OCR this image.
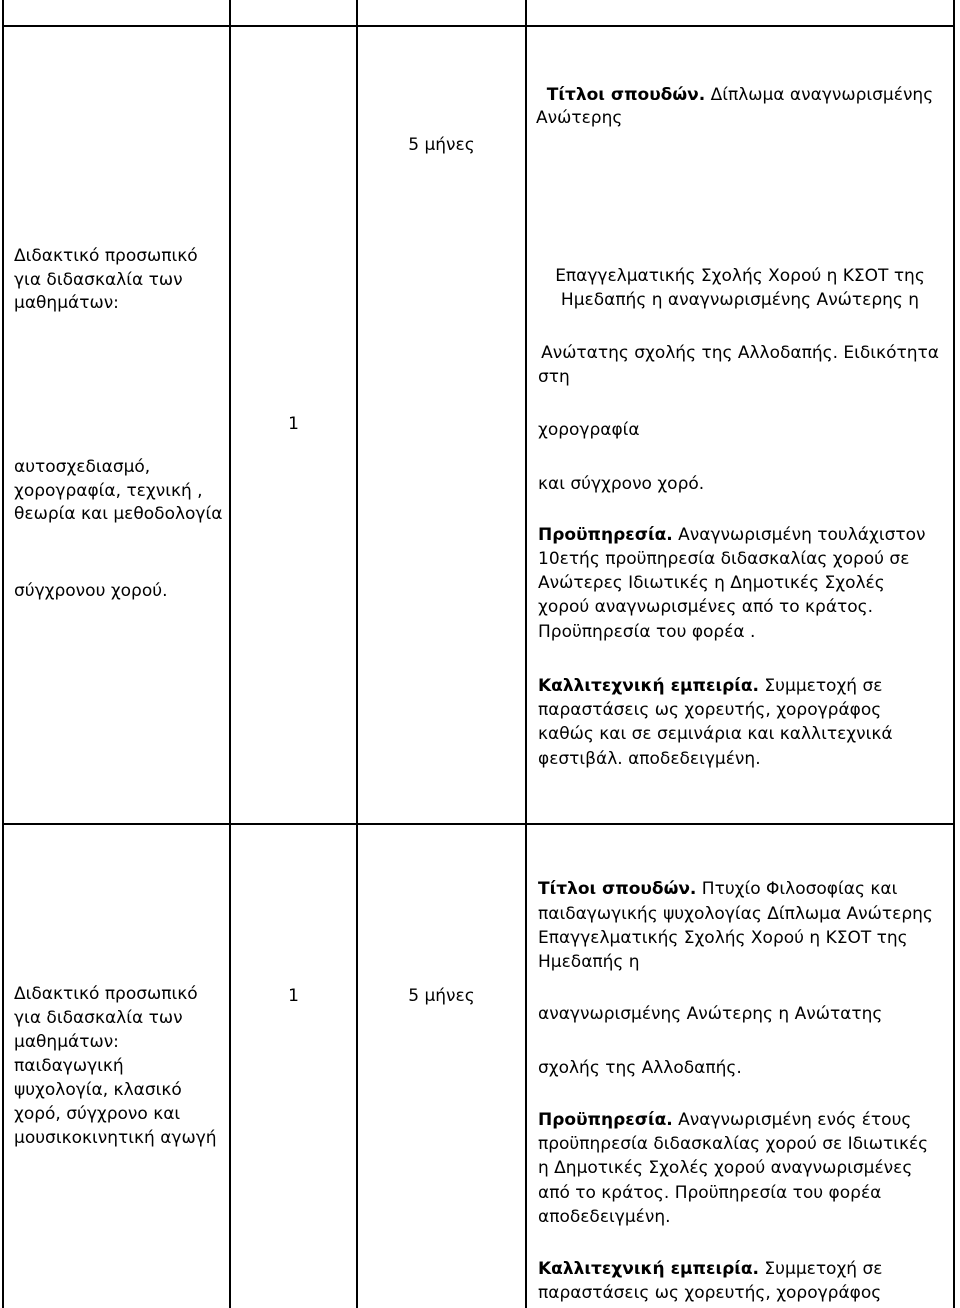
Διδακτικό προσωπικό για διδασκαλία των μαθημάτων:
αυτοσχεδιασμό, χορογραφία, τεχνική , θεωρία και μεθοδολογία
σύγχρονου χορού.
1
5 μήνες
Τίτλοι σπουδών. Δίπλωμα αναγνωρισμένης
Ανώτερης
Επαγγελματικής Σχολής Χορού η ΚΣΟΤ της
Ημεδαπής η αναγνωρισμένης Ανώτερης η
Ανώτατης σχολής της Αλλοδαπής. Ειδικότητα
στη
χορογραφία
και σύγχρονο χορό.
Προϋπηρεσία. Αναγνωρισμένη τουλάχιστον
10ετής προϋπηρεσία διδασκαλίας χορού σε
Ανώτερες Ιδιωτικές η Δημοτικές Σχολές
χορού αναγνωρισμένες από το κράτος.
Προϋπηρεσία του φορέα .
Καλλιτεχνική εμπειρία. Συμμετοχή σε
παραστάσεις ως χορευτής, χορογράφος
καθώς και σε σεμινάρια και καλλιτεχνικά
φεστιβάλ. αποδεδειγμένη.
Διδακτικό προσωπικό
για διδασκαλία των
μαθημάτων:
παιδαγωγική
ψυχολογία, κλασικό
χορό, σύγχρονο και
μουσικοκινητική αγωγή
1	5 μήνες
Τίτλοι σπουδών. Πτυχίο Φιλοσοφίας και
παιδαγωγικής ψυχολογίας Δίπλωμα Ανώτερης
Επαγγελματικής Σχολής Χορού η ΚΣΟΤ της
Ημεδαπής η
αναγνωρισμένης Ανώτερης η Ανώτατης
σχολής της Αλλοδαπής.
Προϋπηρεσία. Αναγνωρισμένη ενός έτους
προϋπηρεσία διδασκαλίας χορού σε Ιδιωτικές
η Δημοτικές Σχολές χορού αναγνωρισμένες
από το κράτος. Προϋπηρεσία του φορέα
αποδεδειγμένη.
Καλλιτεχνική εμπειρία. Συμμετοχή σε
παραστάσεις ως χορευτής, χορογράφος
